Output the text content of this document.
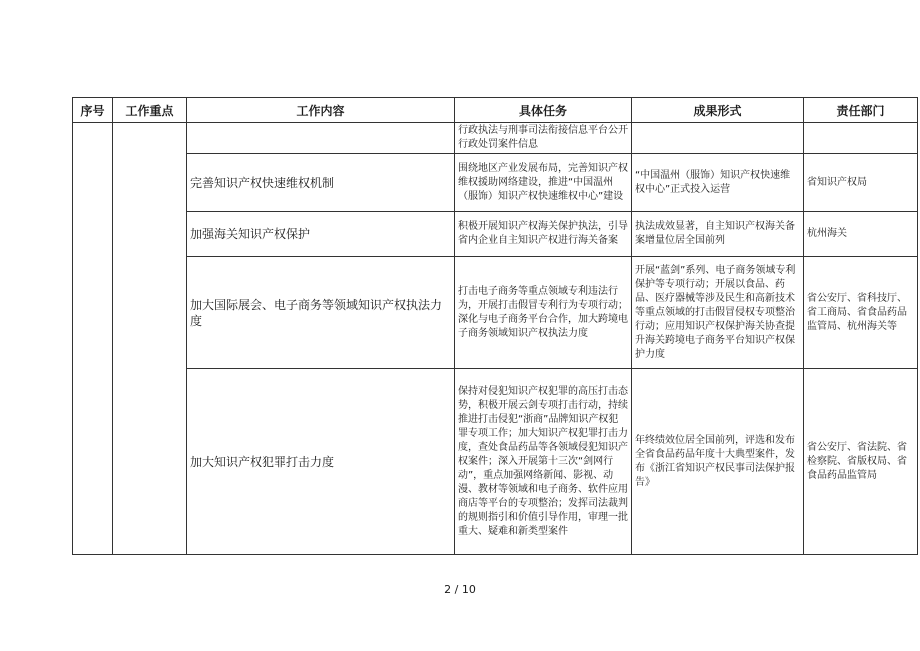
序号	工作重点	工作内容	具体任务	成果形式	责任部门
			行政执法与刑事司法衔接信息平台公开行政处罚案件信息		
		完善知识产权快速维权机制	围绕地区产业发展布局，完善知识产权维权援助网络建设，推进“中国温州（服饰）知识产权快速维权中心”建设	“中国温州（服饰）知识产权快速维权中心”正式投入运营	省知识产权局
		加强海关知识产权保护	积极开展知识产权海关保护执法，引导省内企业自主知识产权进行海关备案	执法成效显著，自主知识产权海关备案增量位居全国前列	杭州海关
		加大国际展会、电子商务等领域知识产权执法力度	打击电子商务等重点领域专利违法行为，开展打击假冒专利行为专项行动；深化与电子商务平台合作，加大跨境电子商务领域知识产权执法力度	开展“蓝剑”系列、电子商务领域专利保护等专项行动；开展以食品、药品、医疗器械等涉及民生和高新技术等重点领域的打击假冒侵权专项整治行动；应用知识产权保护海关协查提升海关跨境电子商务平台知识产权保护力度	省公安厅、省科技厅、省工商局、省食品药品监管局、杭州海关等
		加大知识产权犯罪打击力度	保持对侵犯知识产权犯罪的高压打击态势，积极开展云剑专项打击行动，持续推进打击侵犯“浙商”品牌知识产权犯罪专项工作；加大知识产权犯罪打击力度，查处食品药品等各领域侵犯知识产权案件；深入开展第十三次“剑网行动”，重点加强网络新闻、影视、动漫、教材等领域和电子商务、软件应用商店等平台的专项整治；发挥司法裁判的规则指引和价值引导作用，审理一批重大、疑难和新类型案件	年终绩效位居全国前列，评选和发布全省食品药品年度十大典型案件，发布《浙江省知识产权民事司法保护报告》	省公安厅、省法院、省检察院、省版权局、省食品药品监管局
2 / 10
